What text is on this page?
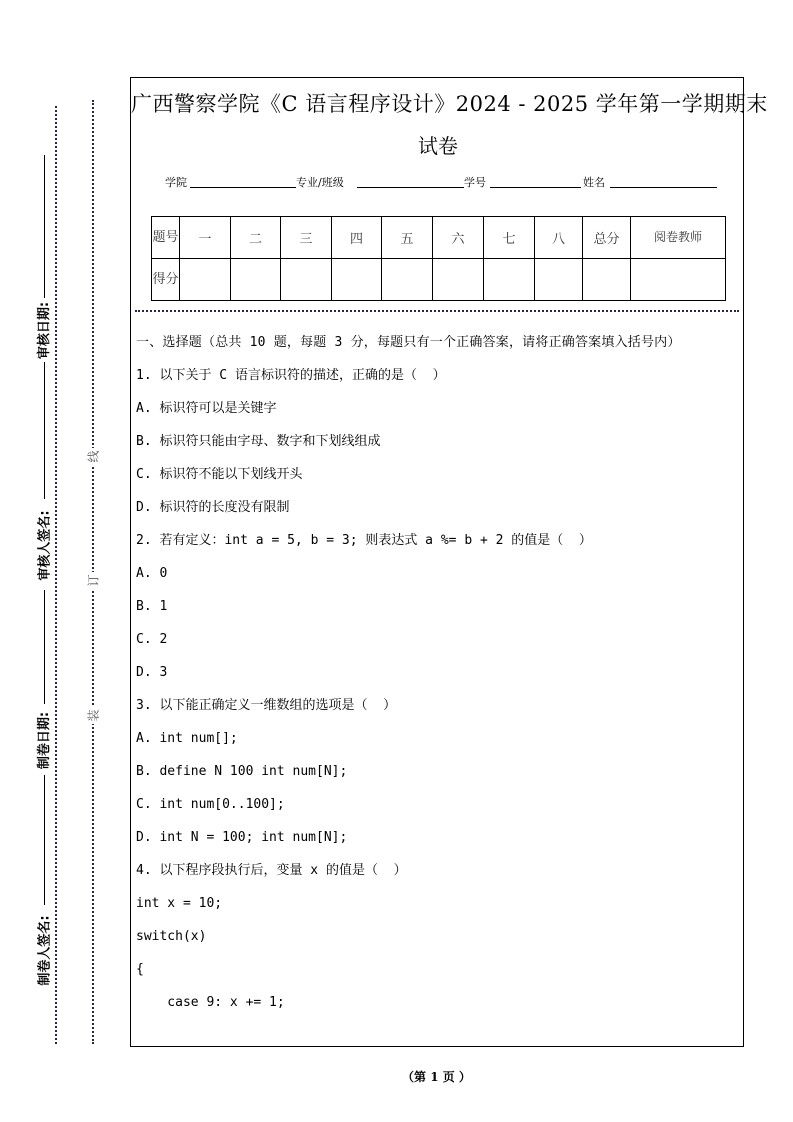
审核日期:
审核人签名:
制卷日期:
制卷人签名:
线
订
装
广西警察学院《C 语言程序设计》2024 - 2025 学年第一学期期末
试卷
学院	专业/班级	学号	姓名
题号	一	二	三	四	五	六	七	八	总分	阅卷教师
得分										
一、选择题（总共 10 题，每题 3 分，每题只有一个正确答案，请将正确答案填入括号内）
1. 以下关于 C 语言标识符的描述，正确的是（  ）
A. 标识符可以是关键字
B. 标识符只能由字母、数字和下划线组成
C. 标识符不能以下划线开头
D. 标识符的长度没有限制
2. 若有定义：int a = 5, b = 3; 则表达式 a %= b + 2 的值是（  ）
A. 0
B. 1
C. 2
D. 3
3. 以下能正确定义一维数组的选项是（  ）
A. int num[];
B. define N 100 int num[N];
C. int num[0..100];
D. int N = 100; int num[N];
4. 以下程序段执行后，变量 x 的值是（  ）
int x = 10;
switch(x)
{
case 9: x += 1;
（第 1 页 ）
